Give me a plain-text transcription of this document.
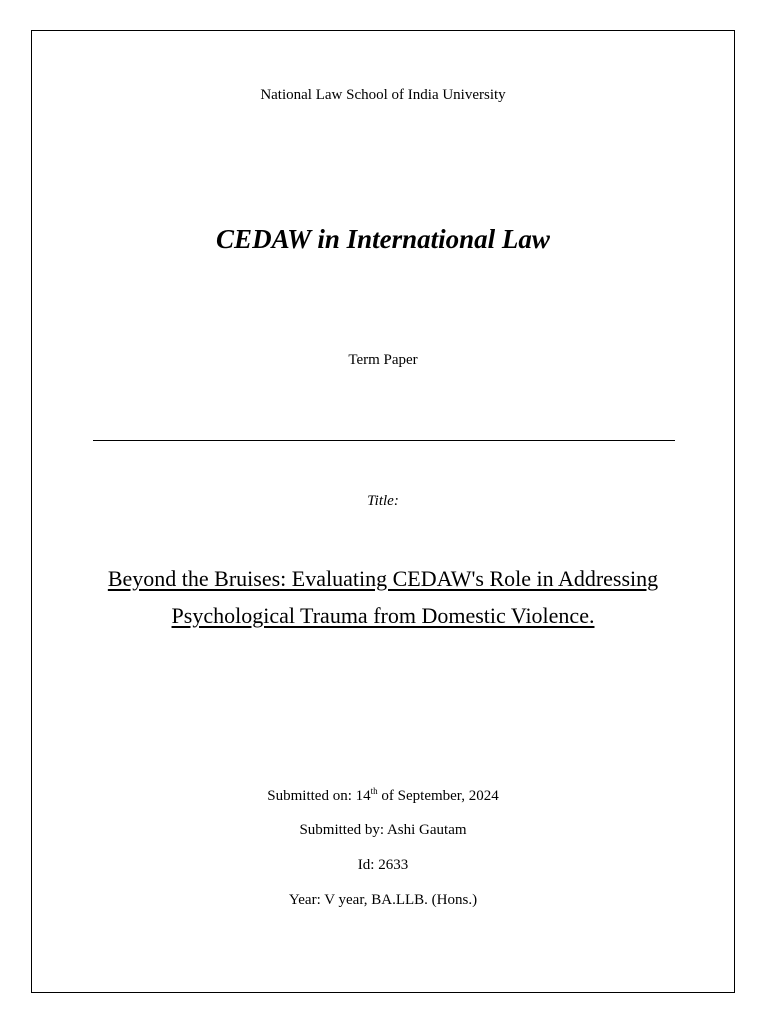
National Law School of India University
CEDAW in International Law
Term Paper
Title:
Beyond the Bruises: Evaluating CEDAW's Role in Addressing
Psychological Trauma from Domestic Violence.
Submitted on: 14th of September, 2024
Submitted by: Ashi Gautam
Id: 2633
Year: V year, BA.LLB. (Hons.)
